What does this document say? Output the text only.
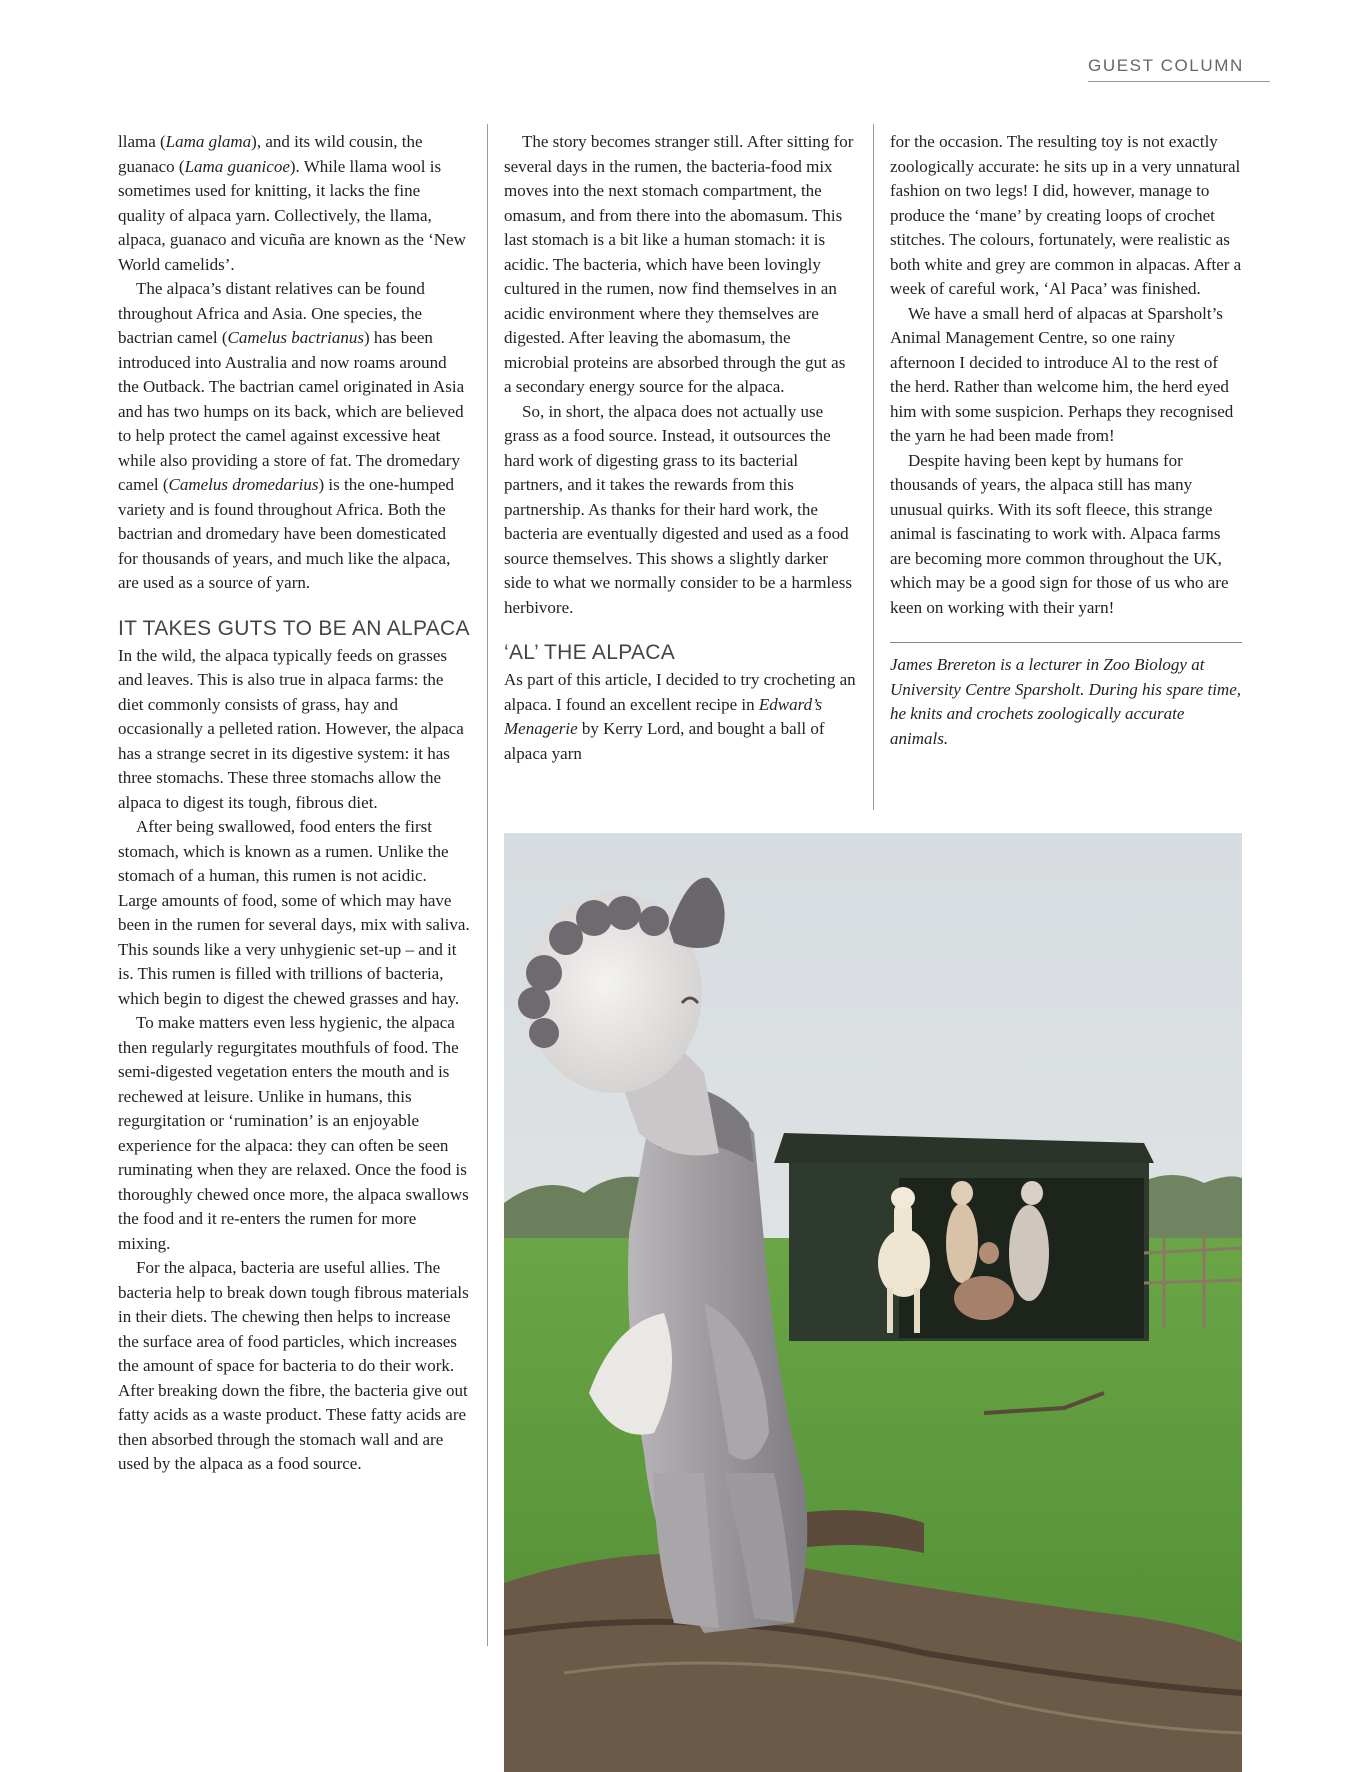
GUEST COLUMN

llama (Lama glama), and its wild cousin, the guanaco (Lama guanicoe). While llama wool is sometimes used for knitting, it lacks the fine quality of alpaca yarn. Collectively, the llama, alpaca, guanaco and vicuña are known as the ‘New World camelids’.

The alpaca’s distant relatives can be found throughout Africa and Asia. One species, the bactrian camel (Camelus bactrianus) has been introduced into Australia and now roams around the Outback. The bactrian camel originated in Asia and has two humps on its back, which are believed to help protect the camel against excessive heat while also providing a store of fat. The dromedary camel (Camelus dromedarius) is the one-humped variety and is found throughout Africa. Both the bactrian and dromedary have been domesticated for thousands of years, and much like the alpaca, are used as a source of yarn.

IT TAKES GUTS TO BE AN ALPACA

In the wild, the alpaca typically feeds on grasses and leaves. This is also true in alpaca farms: the diet commonly consists of grass, hay and occasionally a pelleted ration. However, the alpaca has a strange secret in its digestive system: it has three stomachs. These three stomachs allow the alpaca to digest its tough, fibrous diet.

After being swallowed, food enters the first stomach, which is known as a rumen. Unlike the stomach of a human, this rumen is not acidic. Large amounts of food, some of which may have been in the rumen for several days, mix with saliva. This sounds like a very unhygienic set-up – and it is. This rumen is filled with trillions of bacteria, which begin to digest the chewed grasses and hay.

To make matters even less hygienic, the alpaca then regularly regurgitates mouthfuls of food. The semi-digested vegetation enters the mouth and is rechewed at leisure. Unlike in humans, this regurgitation or ‘rumination’ is an enjoyable experience for the alpaca: they can often be seen ruminating when they are relaxed. Once the food is thoroughly chewed once more, the alpaca swallows the food and it re-enters the rumen for more mixing.

For the alpaca, bacteria are useful allies. The bacteria help to break down tough fibrous materials in their diets. The chewing then helps to increase the surface area of food particles, which increases the amount of space for bacteria to do their work. After breaking down the fibre, the bacteria give out fatty acids as a waste product. These fatty acids are then absorbed through the stomach wall and are used by the alpaca as a food source.

The story becomes stranger still. After sitting for several days in the rumen, the bacteria-food mix moves into the next stomach compartment, the omasum, and from there into the abomasum. This last stomach is a bit like a human stomach: it is acidic. The bacteria, which have been lovingly cultured in the rumen, now find themselves in an acidic environment where they themselves are digested. After leaving the abomasum, the microbial proteins are absorbed through the gut as a secondary energy source for the alpaca.

So, in short, the alpaca does not actually use grass as a food source. Instead, it outsources the hard work of digesting grass to its bacterial partners, and it takes the rewards from this partnership. As thanks for their hard work, the bacteria are eventually digested and used as a food source themselves. This shows a slightly darker side to what we normally consider to be a harmless herbivore.

‘AL’ THE ALPACA

As part of this article, I decided to try crocheting an alpaca. I found an excellent recipe in Edward’s Menagerie by Kerry Lord, and bought a ball of alpaca yarn

for the occasion. The resulting toy is not exactly zoologically accurate: he sits up in a very unnatural fashion on two legs! I did, however, manage to produce the ‘mane’ by creating loops of crochet stitches. The colours, fortunately, were realistic as both white and grey are common in alpacas. After a week of careful work, ‘Al Paca’ was finished.

We have a small herd of alpacas at Sparsholt’s Animal Management Centre, so one rainy afternoon I decided to introduce Al to the rest of the herd. Rather than welcome him, the herd eyed him with some suspicion. Perhaps they recognised the yarn he had been made from!

Despite having been kept by humans for thousands of years, the alpaca still has many unusual quirks. With its soft fleece, this strange animal is fascinating to work with. Alpaca farms are becoming more common throughout the UK, which may be a good sign for those of us who are keen on working with their yarn!

James Brereton is a lecturer in Zoo Biology at University Centre Sparsholt. During his spare time, he knits and crochets zoologically accurate animals.
